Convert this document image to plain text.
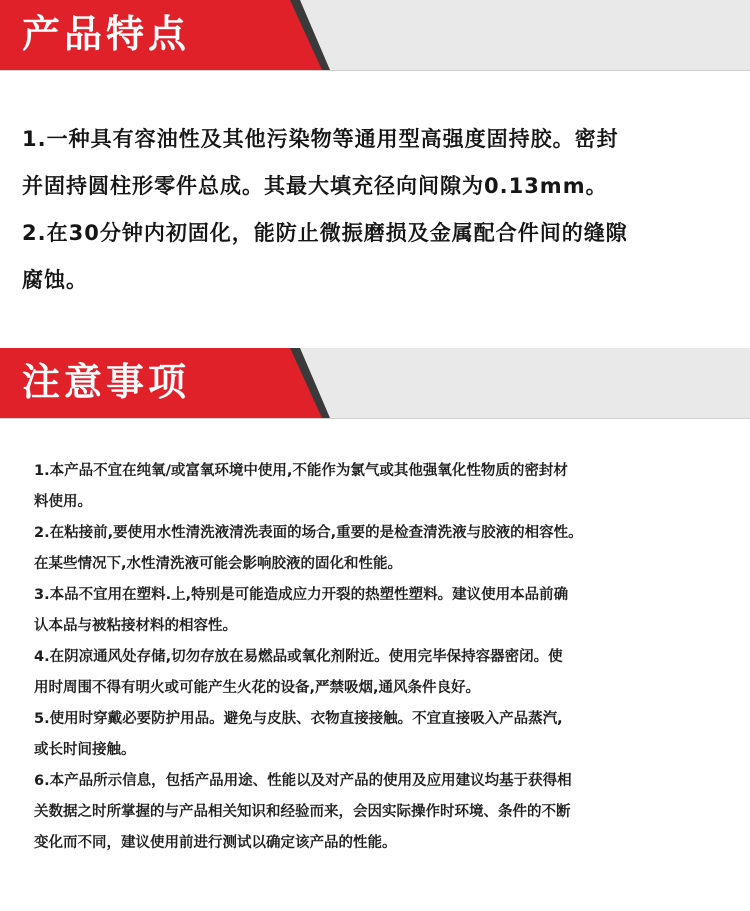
产品特点

1.一种具有容油性及其他污染物等通用型高强度固持胶。密封

并固持圆柱形零件总成。其最大填充径向间隙为0.13mm。

2.在30分钟内初固化，能防止微振磨损及金属配合件间的缝隙

腐蚀。

注意事项

1.本产品不宜在纯氧/或富氧环境中使用,不能作为氯气或其他强氧化性物质的密封材

料使用。

2.在粘接前,要使用水性清洗液清洗表面的场合,重要的是检查清洗液与胶液的相容性。

在某些情况下,水性清洗液可能会影响胶液的固化和性能。

3.本品不宜用在塑料.上,特别是可能造成应力开裂的热塑性塑料。建议使用本品前确

认本品与被粘接材料的相容性。

4.在阴凉通风处存储,切勿存放在易燃品或氧化剂附近。使用完毕保持容器密闭。使

用时周围不得有明火或可能产生火花的设备,严禁吸烟,通风条件良好。

5.使用时穿戴必要防护用品。避免与皮肤、衣物直接接触。不宜直接吸入产品蒸汽,

或长时间接触。

6.本产品所示信息，包括产品用途、性能以及对产品的使用及应用建议均基于获得相

关数据之时所掌握的与产品相关知识和经验而来，会因实际操作时环境、条件的不断

变化而不同，建议使用前进行测试以确定该产品的性能。
